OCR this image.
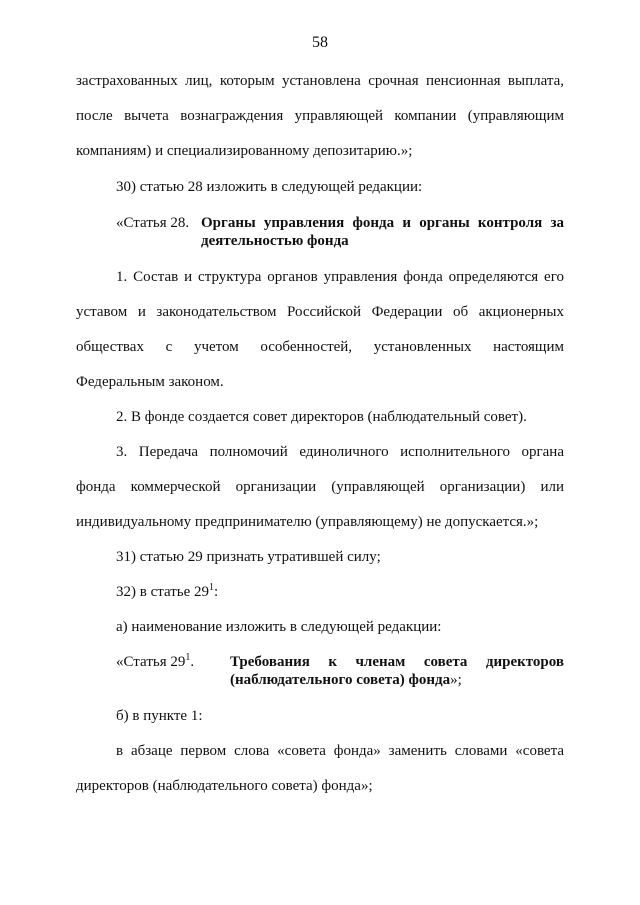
58
застрахованных лиц, которым установлена срочная пенсионная выплата,
после вычета вознаграждения управляющей компании (управляющим
компаниям) и специализированному депозитарию.»;
30) статью 28 изложить в следующей редакции:
«Статья 28. Органы управления фонда и органы контроля за
деятельностью фонда
1. Состав и структура органов управления фонда определяются его
уставом и законодательством Российской Федерации об акционерных
обществах с учетом особенностей, установленных настоящим
Федеральным законом.
2. В фонде создается совет директоров (наблюдательный совет).
3. Передача полномочий единоличного исполнительного органа
фонда коммерческой организации (управляющей организации) или
индивидуальному предпринимателю (управляющему) не допускается.»;
31) статью 29 признать утратившей силу;
32) в статье $29^1$:
а) наименование изложить в следующей редакции:
«Статья $29^1$. Требования к членам совета директоров
(наблюдательного совета) фонда»;
б) в пункте 1:
в абзаце первом слова «совета фонда» заменить словами «совета
директоров (наблюдательного совета) фонда»;
